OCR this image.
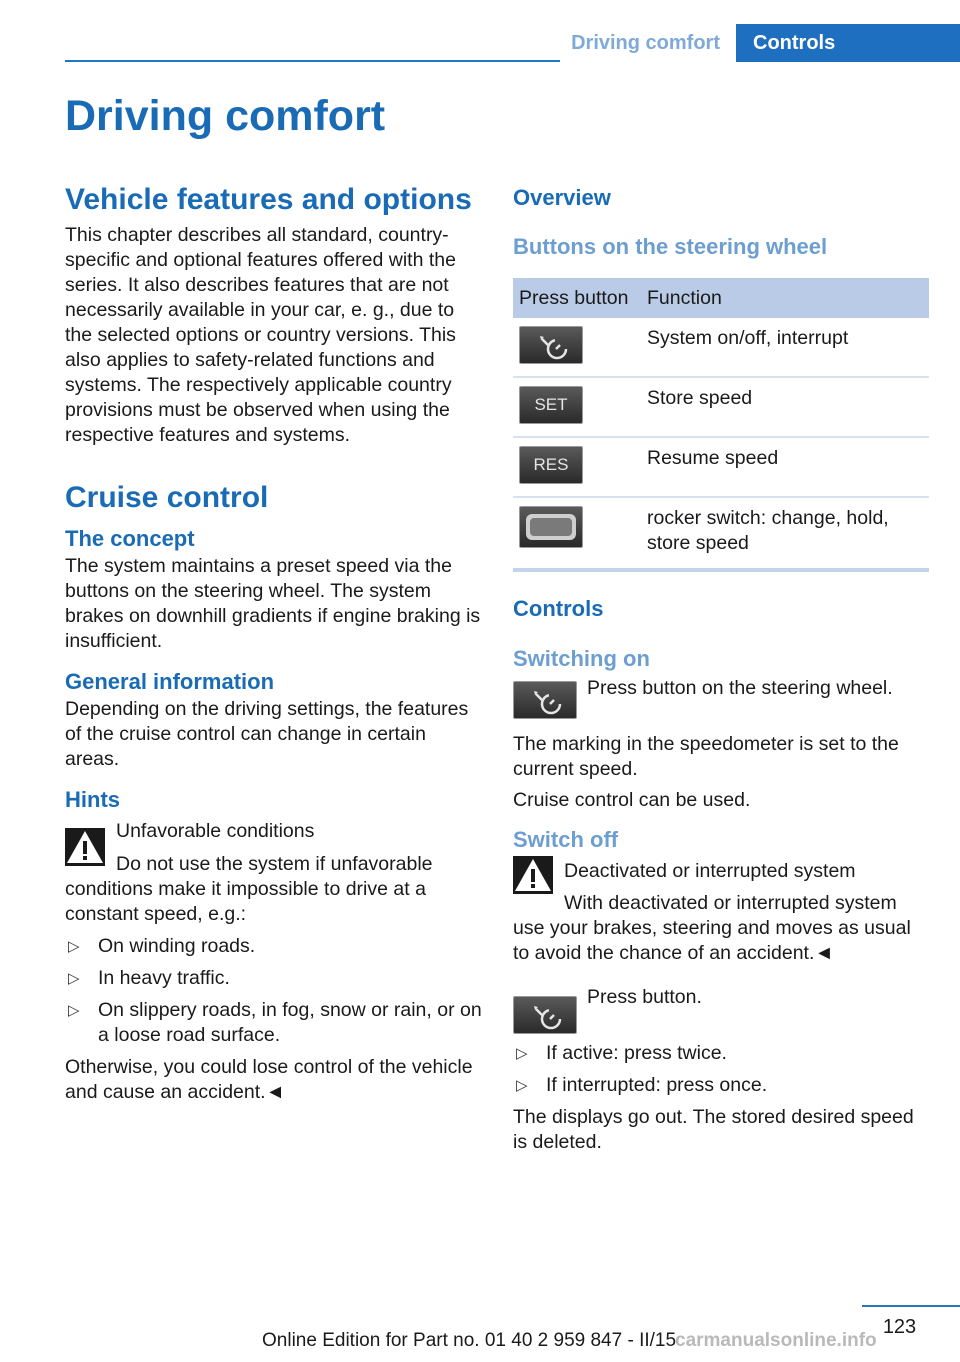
Driving comfort	Controls
Driving comfort
Vehicle features and options

This chapter describes all standard, country-specific and optional features offered with the series. It also describes features that are not necessarily available in your car, e. g., due to the selected options or country versions. This also applies to safety-related functions and systems. The respectively applicable country provisions must be observed when using the respective features and systems.

Cruise control
The concept

The system maintains a preset speed via the buttons on the steering wheel. The system brakes on downhill gradients if engine braking is insufficient.

General information

Depending on the driving settings, the features of the cruise control can change in certain areas.

Hints

Unfavorable conditions

Do not use the system if unfavorable

conditions make it impossible to drive at a constant speed, e.g.:

▷ On winding roads.
▷ In heavy traffic.
▷ On slippery roads, in fog, snow or rain, or on a loose road surface.

Otherwise, you could lose control of the vehicle and cause an accident.◄

Overview
Buttons on the steering wheel
Press button	Function

	System on/off, interrupt

SET	Store speed

RES	Resume speed

	rocker switch: change, hold, store speed
Controls
Switching on

Press button on the steering wheel.

The marking in the speedometer is set to the current speed.

Cruise control can be used.

Switch off

Deactivated or interrupted system

With deactivated or interrupted system

use your brakes, steering and moves as usual to avoid the chance of an accident.◄

Press button.

▷ If active: press twice.
▷ If interrupted: press once.

The displays go out. The stored desired speed is deleted.

123
Online Edition for Part no. 01 40 2 959 847 - II/15
carmanualsonline.info
